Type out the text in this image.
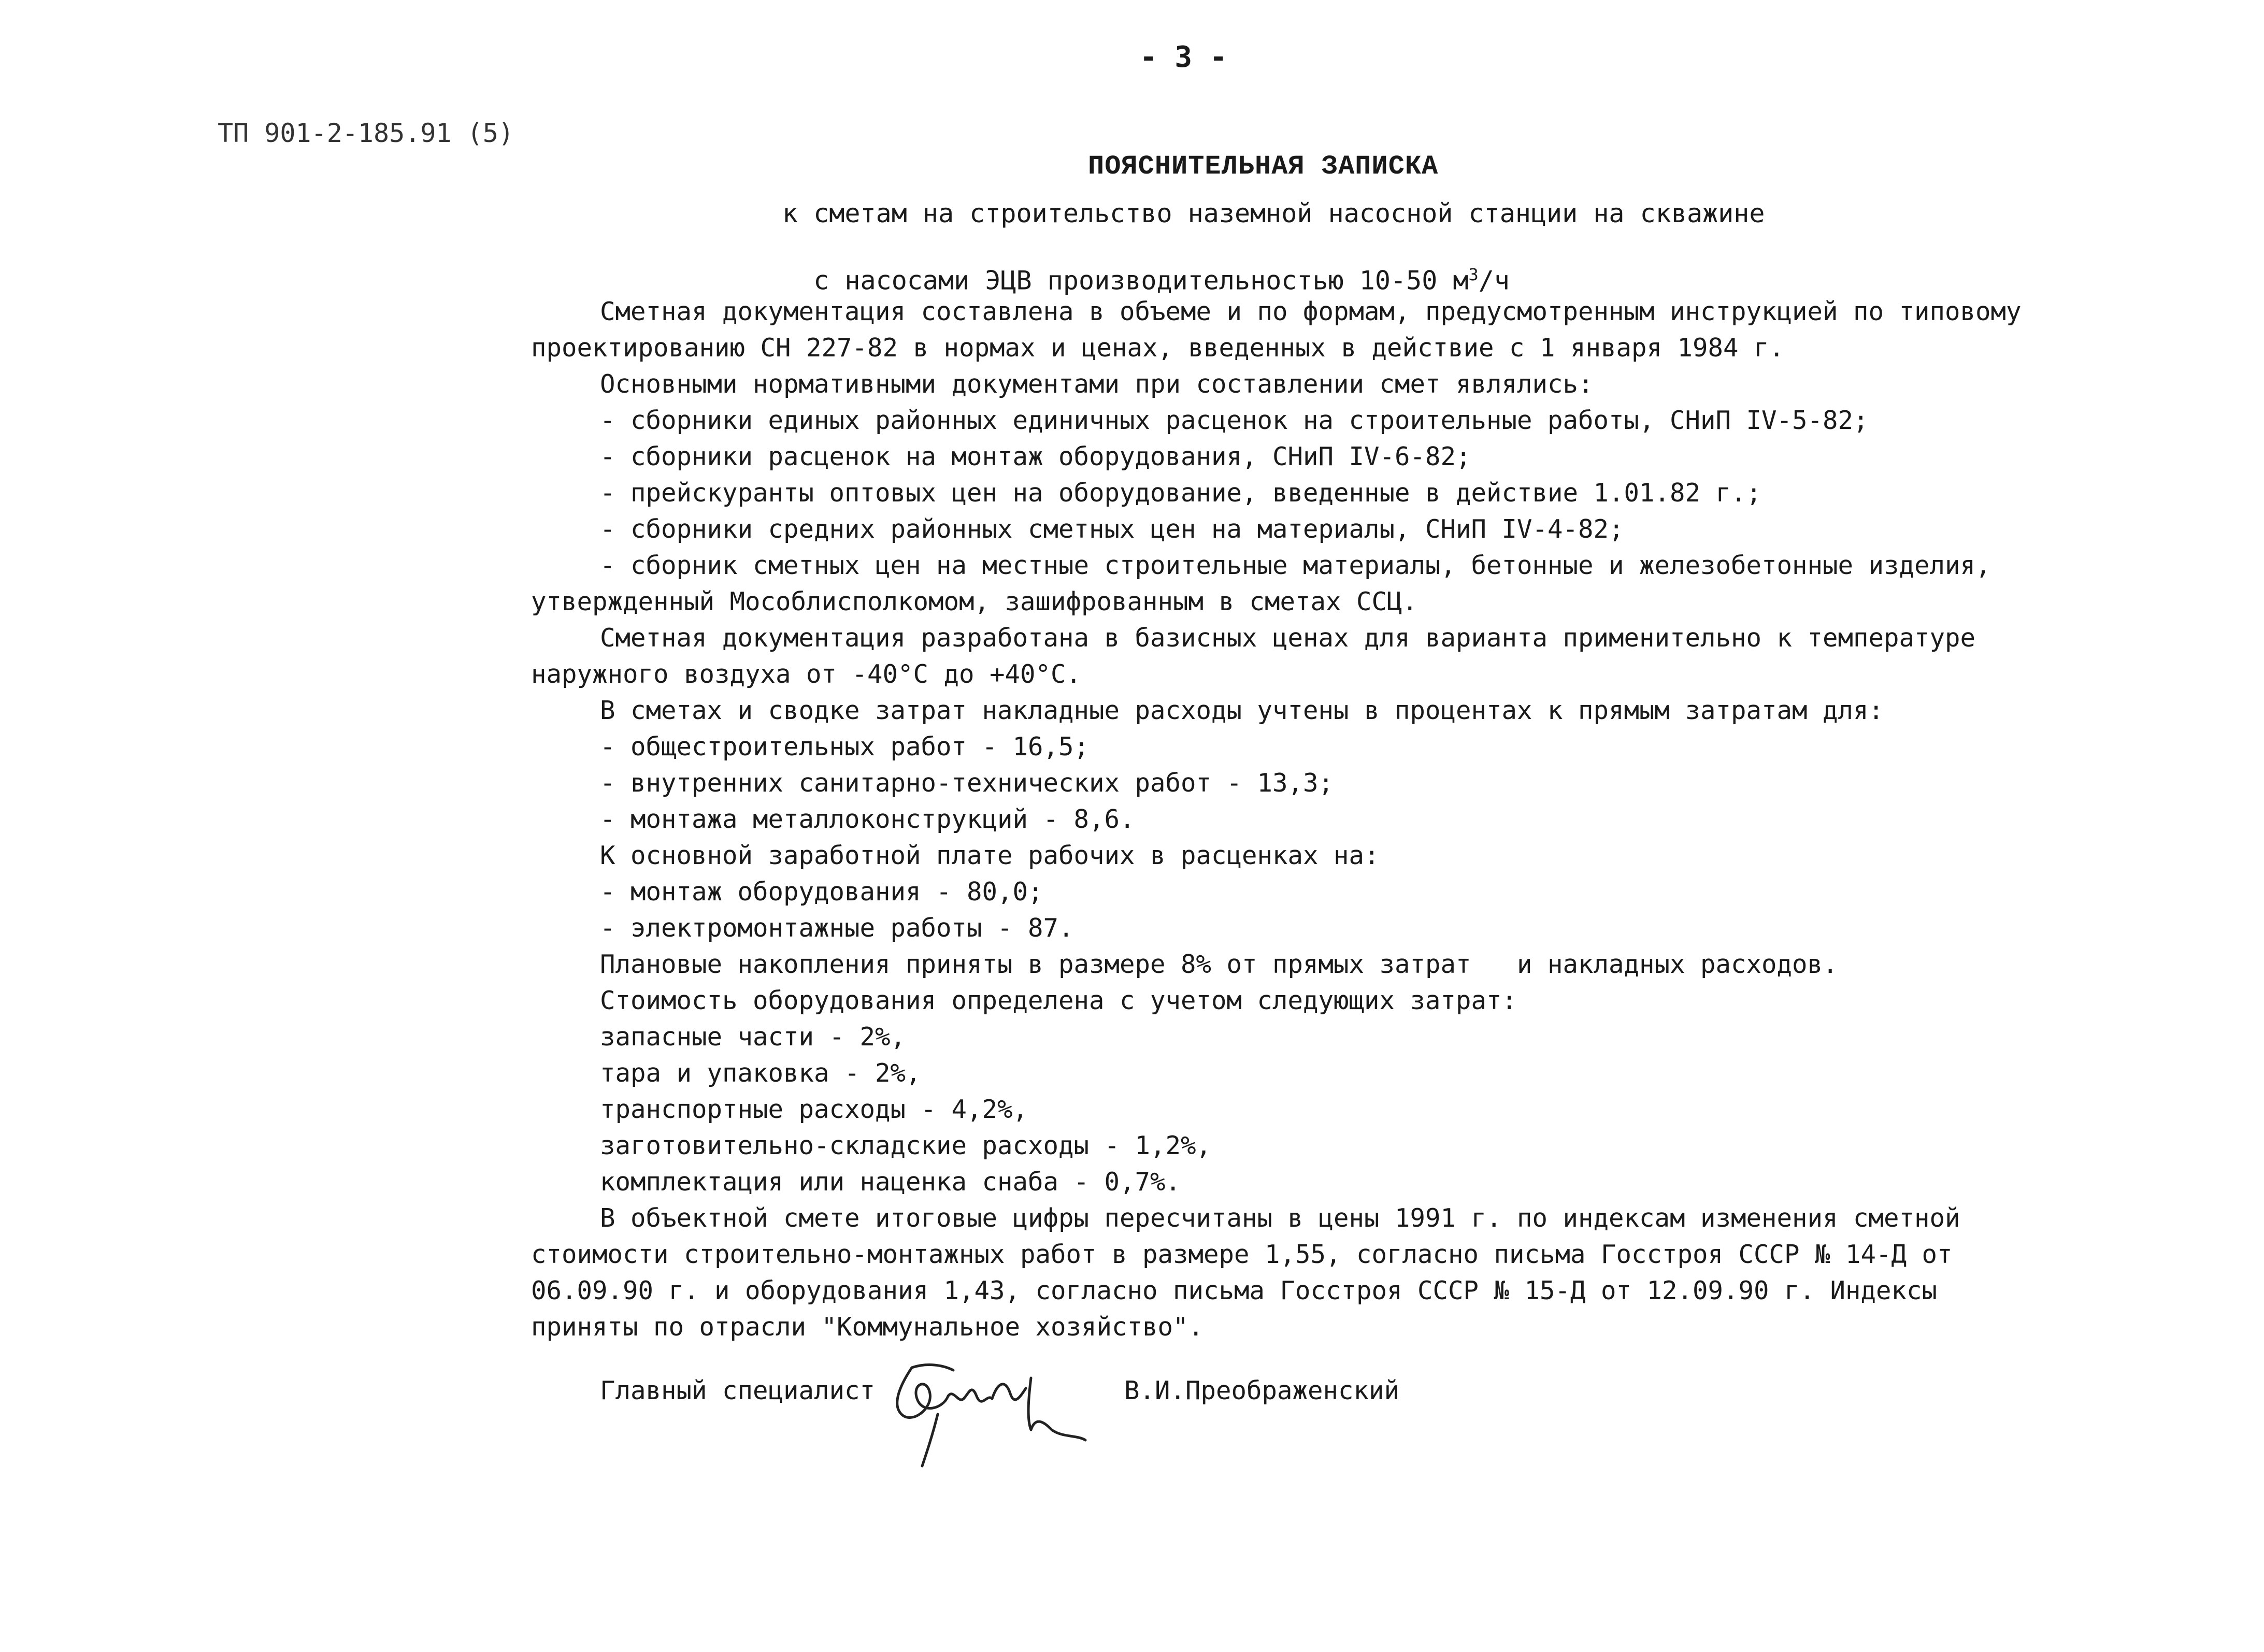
- 3 -
ТП 901-2-185.91 (5)
ПОЯСНИТЕЛЬНАЯ ЗАПИСКА
к сметам на строительство наземной насосной станции на скважине

с насосами ЭЦВ производительностью 10-50 $м^3/ч$

Сметная документация составлена в объеме и по формам, предусмотренным инструкцией по типовому
проектированию СН 227-82 в нормах и ценах, введенных в действие с 1 января 1984 г.
Основными нормативными документами при составлении смет являлись:
- сборники единых районных единичных расценок на строительные работы, СНиП IV-5-82;
- сборники расценок на монтаж оборудования, СНиП IV-6-82;
- прейскуранты оптовых цен на оборудование, введенные в действие 1.01.82 г.;
- сборники средних районных сметных цен на материалы, СНиП IV-4-82;
- сборник сметных цен на местные строительные материалы, бетонные и железобетонные изделия,
утвержденный Мособлисполкомом, зашифрованным в сметах ССЦ.
Сметная документация разработана в базисных ценах для варианта применительно к температуре
наружного воздуха от -40°С до +40°С.
В сметах и сводке затрат накладные расходы учтены в процентах к прямым затратам для:
- общестроительных работ - 16,5;
- внутренних санитарно-технических работ - 13,3;
- монтажа металлоконструкций - 8,6.
К основной заработной плате рабочих в расценках на:
- монтаж оборудования - 80,0;
- электромонтажные работы - 87.
Плановые накопления приняты в размере 8% от прямых затрат   и накладных расходов.
Стоимость оборудования определена с учетом следующих затрат:
запасные части - 2%,
тара и упаковка - 2%,
транспортные расходы - 4,2%,
заготовительно-складские расходы - 1,2%,
комплектация или наценка снаба - 0,7%.
В объектной смете итоговые цифры пересчитаны в цены 1991 г. по индексам изменения сметной
стоимости строительно-монтажных работ в размере 1,55, согласно письма Госстроя СССР № 14-Д от
06.09.90 г. и оборудования 1,43, согласно письма Госстроя СССР № 15-Д от 12.09.90 г. Индексы
приняты по отрасли "Коммунальное хозяйство".
Главный специалист	В.И.Преображенский
